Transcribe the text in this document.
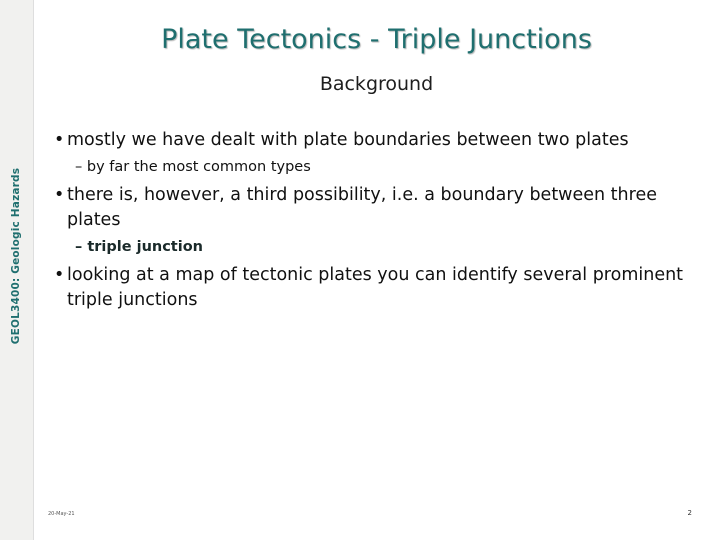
GEOL3400: Geologic Hazards
Plate Tectonics - Triple Junctions
Background
• mostly we have dealt with plate boundaries between two plates
– by far the most common types
• there is, however, a third possibility, i.e. a boundary between three plates
– triple junction
• looking at a map of tectonic plates you can identify several prominent triple junctions
20-May-21	2
